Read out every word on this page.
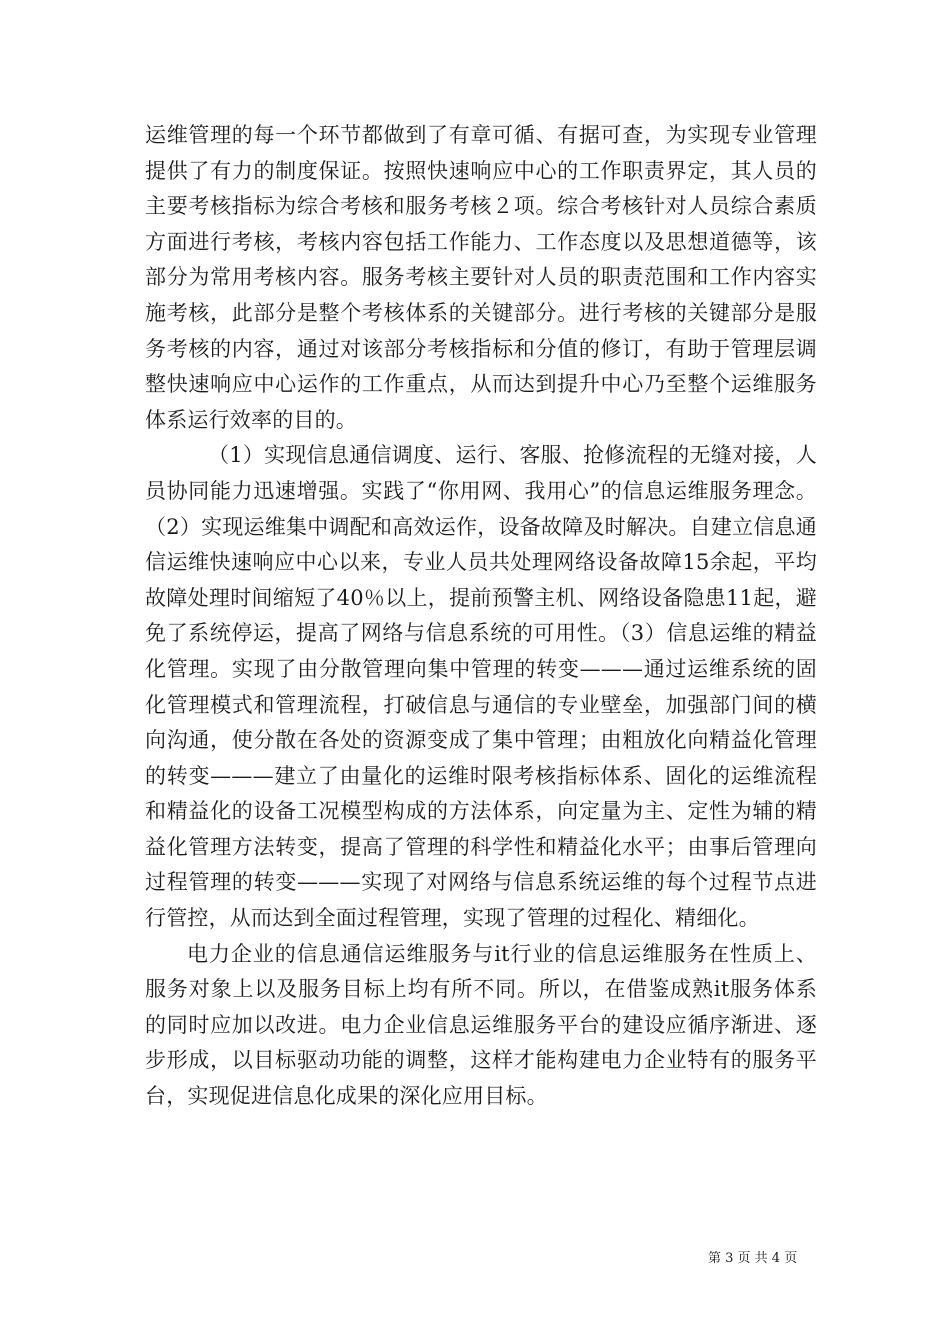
运维管理的每一个环节都做到了有章可循、有据可查，为实现专业管理提供了有力的制度保证。按照快速响应中心的工作职责界定，其人员的主要考核指标为综合考核和服务考核２项。综合考核针对人员综合素质方面进行考核，考核内容包括工作能力、工作态度以及思想道德等，该部分为常用考核内容。服务考核主要针对人员的职责范围和工作内容实施考核，此部分是整个考核体系的关键部分。进行考核的关键部分是服务考核的内容，通过对该部分考核指标和分值的修订，有助于管理层调整快速响应中心运作的工作重点，从而达到提升中心乃至整个运维服务体系运行效率的目的。

（1）实现信息通信调度、运行、客服、抢修流程的无缝对接，人员协同能力迅速增强。实践了“你用网、我用心”的信息运维服务理念。（2）实现运维集中调配和高效运作，设备故障及时解决。自建立信息通信运维快速响应中心以来，专业人员共处理网络设备故障15余起，平均故障处理时间缩短了40％以上，提前预警主机、网络设备隐患11起，避免了系统停运，提高了网络与信息系统的可用性。（3）信息运维的精益化管理。实现了由分散管理向集中管理的转变———通过运维系统的固化管理模式和管理流程，打破信息与通信的专业壁垒，加强部门间的横向沟通，使分散在各处的资源变成了集中管理；由粗放化向精益化管理的转变———建立了由量化的运维时限考核指标体系、固化的运维流程和精益化的设备工况模型构成的方法体系，向定量为主、定性为辅的精益化管理方法转变，提高了管理的科学性和精益化水平；由事后管理向过程管理的转变———实现了对网络与信息系统运维的每个过程节点进行管控，从而达到全面过程管理，实现了管理的过程化、精细化。

电力企业的信息通信运维服务与it行业的信息运维服务在性质上、服务对象上以及服务目标上均有所不同。所以，在借鉴成熟it服务体系的同时应加以改进。电力企业信息运维服务平台的建设应循序渐进、逐步形成，以目标驱动功能的调整，这样才能构建电力企业特有的服务平台，实现促进信息化成果的深化应用目标。

第 3 页 共 4 页
